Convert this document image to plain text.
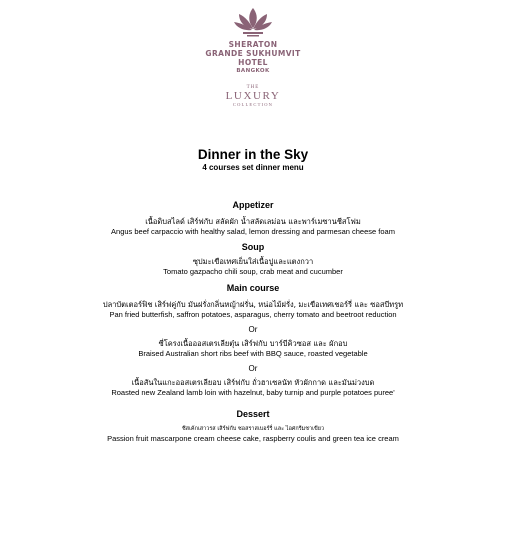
SHERATON
GRANDE SUKHUMVIT
HOTEL
BANGKOK
THE
LUXURY
COLLECTION
Dinner in the Sky
4 courses set dinner menu
Appetizer
เนื้อดิบสไลด์ เสิร์ฟกับ สลัดผัก น้ำสลัดเลม่อน และพาร์เมซานชีสโฟม
Angus beef carpaccio with healthy salad, lemon dressing and parmesan cheese foam
Soup
ซุปมะเขือเทศเย็นใส่เนื้อปูและแตงกวา
Tomato gazpacho chili soup, crab meat and cucumber
Main course
ปลาบัตเตอร์ฟิช เสิร์ฟคู่กับ มันฝรั่งกลิ่นหญ้าฝรั่น, หน่อไม้ฝรั่ง, มะเขือเทศเชอร์รี่ และ ซอสบีทรูท
Pan fried butterfish, saffron potatoes, asparagus, cherry tomato and beetroot reduction
Or
ซี่โครงเนื้อออสเตรเลียตุ๋น เสิร์ฟกับ บาร์บีคิวซอส และ ผักอบ
Braised Australian short ribs beef with BBQ sauce, roasted vegetable
Or
เนื้อสันในแกะออสเตรเลียอบ เสิร์ฟกับ ถั่วฮาเซลนัท หัวผักกาด และมันม่วงบด
Roasted new Zealand lamb loin with hazelnut, baby turnip and purple potatoes puree'
Dessert
ชีสเค้กเสาวรส เสิร์ฟกับ ซอสราสเบอร์รี่ และ ไอศกรีมชาเขียว
Passion fruit mascarpone cream cheese cake, raspberry coulis and green tea ice cream
